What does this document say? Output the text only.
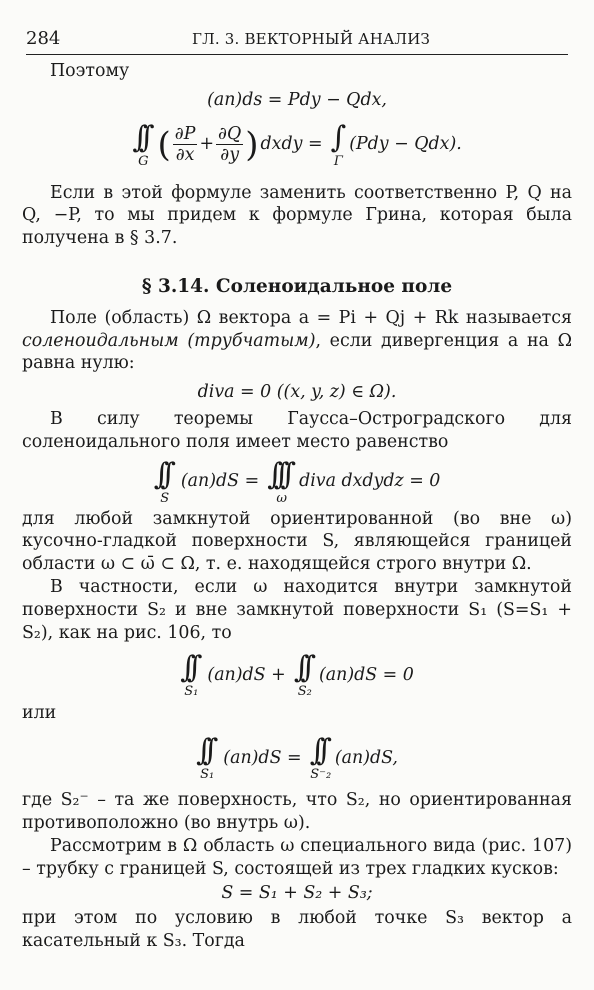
284	ГЛ. 3. ВЕКТОРНЫЙ АНАЛИЗ

Поэтому

(an)ds = Pdy − Qdx,
∫∫
G ( $\frac{\partial P}{\partial x} + \frac{\partial Q}{\partial y}$ ) dxdy = ∫
Γ
(Pdy − Qdx).

Если в этой формуле заменить соответственно P, Q на Q, −P, то мы придем к формуле Грина, которая была получена в § 3.7.

§ 3.14. Соленоидальное поле

Поле (область) Ω вектора a = Pi + Qj + Rk называется соленоидальным (трубчатым), если дивергенция a на Ω равна нулю:

diva = 0 ((x, y, z) ∈ Ω).

В силу теоремы Гаусса–Остроградского для соленоидального поля имеет место равенство

∫∫
S
(an)dS = ∫∫∫
ω
diva dxdydz = 0

для любой замкнутой ориентированной (во вне ω) кусочно-гладкой поверхности S, являющейся границей области ω ⊂ ω̄ ⊂ Ω, т. е. находящейся строго внутри Ω.

В частности, если ω находится внутри замкнутой поверхности S₂ и вне замкнутой поверхности S₁ (S=S₁ + S₂), как на рис. 106, то

∫∫
S₁
(an)dS + ∫∫
S₂
(an)dS = 0

или

∫∫
S₁
(an)dS = ∫∫
S⁻₂
(an)dS,

где S₂⁻ – та же поверхность, что S₂, но ориентированная противоположно (во внутрь ω).

Рассмотрим в Ω область ω специального вида (рис. 107) – трубку с границей S, состоящей из трех гладких кусков:

S = S₁ + S₂ + S₃;

при этом по условию в любой точке S₃ вектор a касательный к S₃. Тогда
